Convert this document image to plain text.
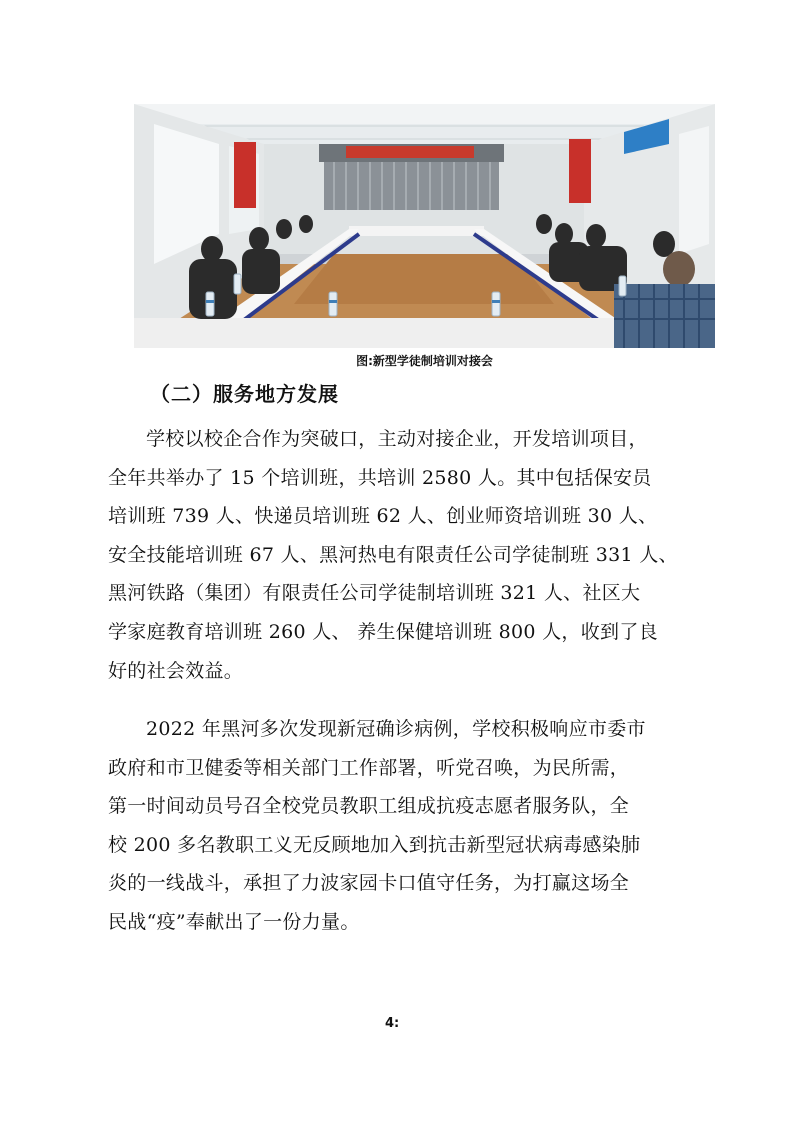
图:新型学徒制培训对接会
（二）服务地方发展
学校以校企合作为突破口，主动对接企业，开发培训项目，
全年共举办了 15 个培训班，共培训 2580 人。其中包括保安员
培训班 739 人、快递员培训班 62 人、创业师资培训班 30 人、
安全技能培训班 67 人、黑河热电有限责任公司学徒制班 331 人、
黑河铁路（集团）有限责任公司学徒制培训班 321 人、社区大
学家庭教育培训班 260 人、 养生保健培训班 800 人，收到了良
好的社会效益。
2022 年黑河多次发现新冠确诊病例，学校积极响应市委市
政府和市卫健委等相关部门工作部署，听党召唤，为民所需，
第一时间动员号召全校党员教职工组成抗疫志愿者服务队，全
校 200 多名教职工义无反顾地加入到抗击新型冠状病毒感染肺
炎的一线战斗，承担了力波家园卡口值守任务，为打赢这场全
民战“疫”奉献出了一份力量。
4:
